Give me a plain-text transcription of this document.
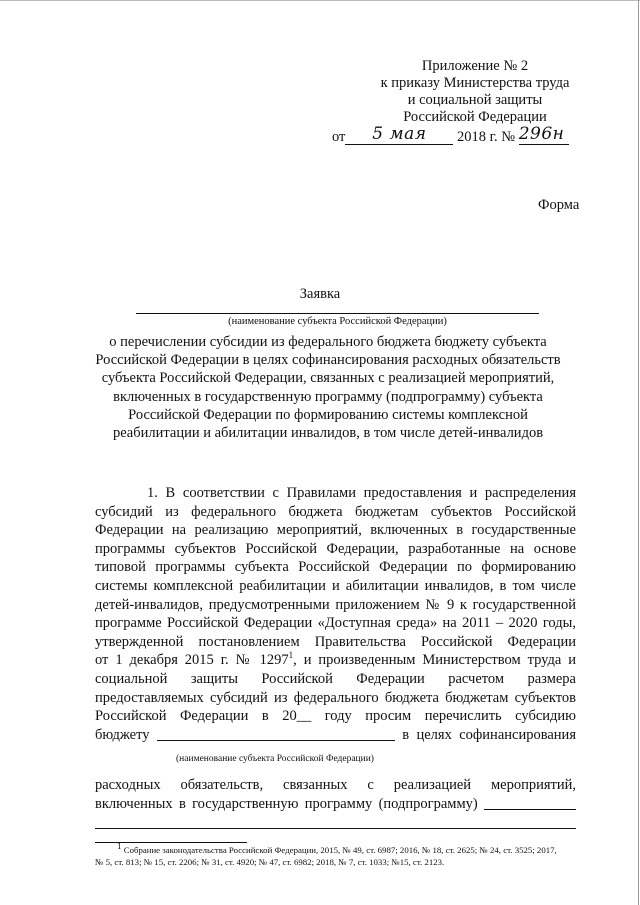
Приложение № 2
к приказу Министерства труда
и социальной защиты
Российской Федерации
от 5 мая 2018 г. № 296н
Форма
Заявка
(наименование субъекта Российской Федерации)
о перечислении субсидии из федерального бюджета бюджету субъекта
Российской Федерации в целях софинансирования расходных обязательств
субъекта Российской Федерации, связанных с реализацией мероприятий,
включенных в государственную программу (подпрограмму) субъекта
Российской Федерации по формированию системы комплексной
реабилитации и абилитации инвалидов, в том числе детей-инвалидов
1. В соответствии с Правилами предоставления и распределения
субсидий из федерального бюджета бюджетам субъектов Российской
Федерации на реализацию мероприятий, включенных в государственные
программы субъектов Российской Федерации, разработанные на основе
типовой программы субъекта Российской Федерации по формированию
системы комплексной реабилитации и абилитации инвалидов, в том числе
детей-инвалидов, предусмотренными приложением № 9 к государственной
программе Российской Федерации «Доступная среда» на 2011 – 2020 годы,
утвержденной постановлением Правительства Российской Федерации
от 1 декабря 2015 г. № 1297$^1$, и произведенным Министерством труда и
социальной защиты Российской Федерации расчетом размера
предоставляемых субсидий из федерального бюджета бюджетам субъектов
Российской Федерации в 20__ году просим перечислить субсидию
бюджету	в целях софинансирования
(наименование субъекта Российской Федерации)
расходных обязательств, связанных с реализацией мероприятий,
включенных в государственную программу (подпрограмму)
1 Собрание законодательства Российской Федерации, 2015, № 49, ст. 6987; 2016, № 18, ст. 2625; № 24, ст. 3525; 2017,
№ 5, ст. 813; № 15, ст. 2206; № 31, ст. 4920; № 47, ст. 6982; 2018, № 7, ст. 1033; №15, ст. 2123.
